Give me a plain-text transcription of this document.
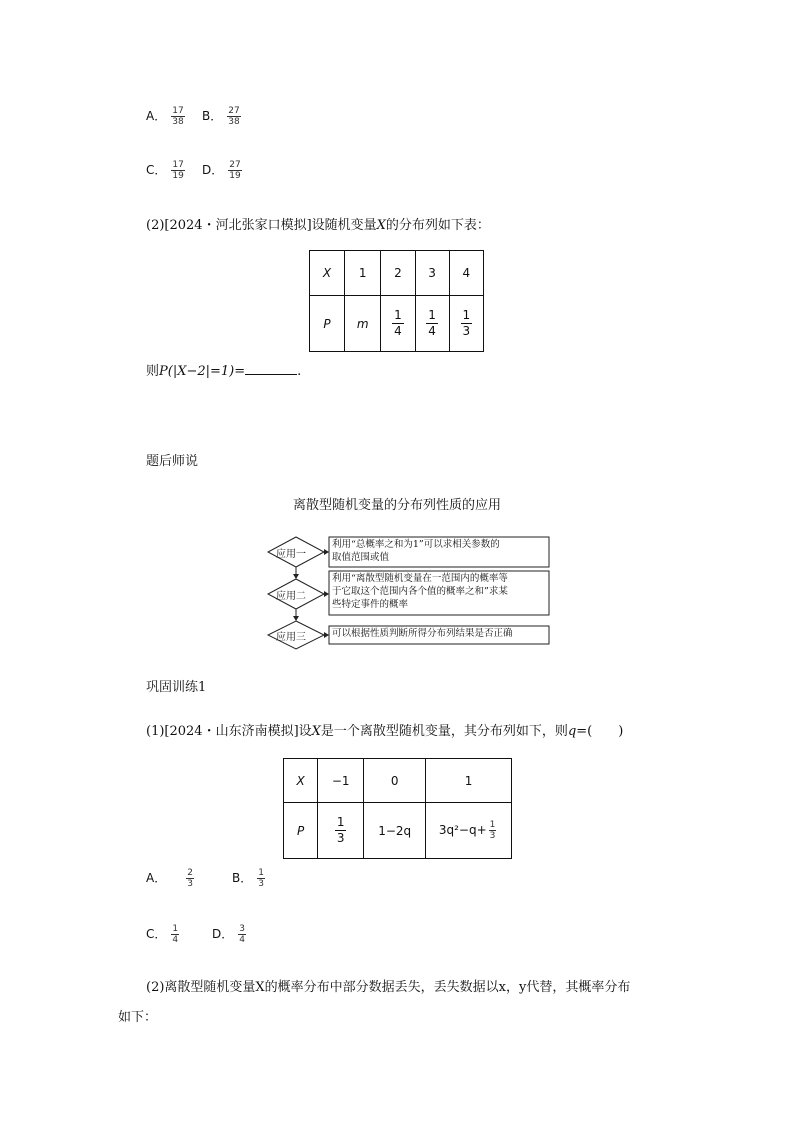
A． $\frac{17}{38}$ B． $\frac{27}{38}$
C． $\frac{17}{19}$ D． $\frac{27}{19}$
(2)[2024・河北张家口模拟]设随机变量X的分布列如下表：
X	1	2	3	4
P	m	$\frac{1}{4}$	$\frac{1}{4}$	$\frac{1}{3}$
则P(|X−2|=1)=	.
题后师说
离散型随机变量的分布列性质的应用
应用一
应用二
应用三
利用“总概率之和为1”可以求相关参数的
取值范围或值
利用“离散型随机变量在一范围内的概率等
于它取这个范围内各个值的概率之和”求某
些特定事件的概率
可以根据性质判断所得分布列结果是否正确
巩固训练1
(1)[2024・山东济南模拟]设X是一个离散型随机变量，其分布列如下，则q=(　　)
X	−1	0	1
P	$\frac{1}{3}$	1−2q	$3q^2-q+ \frac{1}{3}$
A． $\frac{2}{3}$	B． $\frac{1}{3}$
C． $\frac{1}{4}$	D． $\frac{3}{4}$
(2)离散型随机变量X的概率分布中部分数据丢失，丢失数据以x，y代替，其概率分布
如下：
